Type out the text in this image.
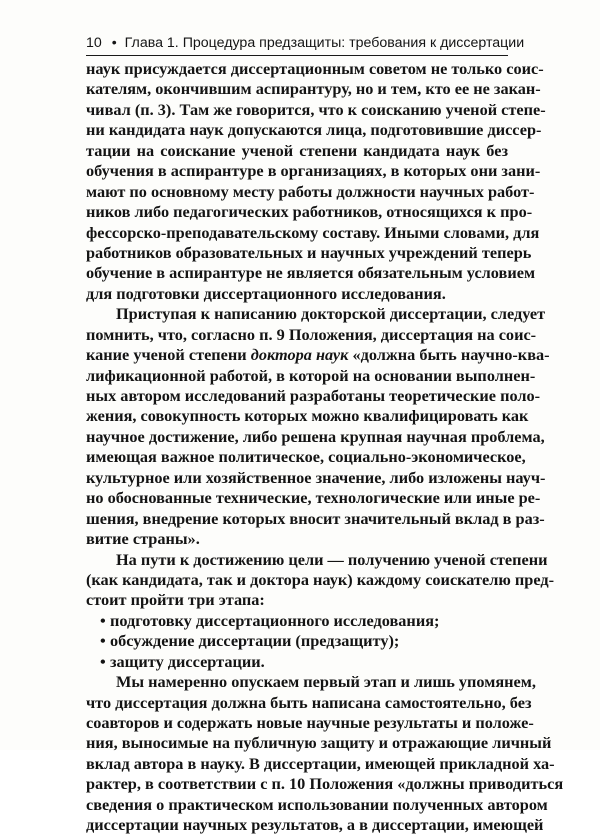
10 • Глава 1. Процедура предзащиты: требования к диссертации
наук присуждается диссертационным советом не только соис-
кателям, окончившим аспирантуру, но и тем, кто ее не закан-
чивал (п. 3). Там же говорится, что к соисканию ученой степе-
ни кандидата наук допускаются лица, подготовившие диссер-
тации на соискание ученой степени кандидата наук без
обучения в аспирантуре в организациях, в которых они зани-
мают по основному месту работы должности научных работ-
ников либо педагогических работников, относящихся к про-
фессорско-преподавательскому составу. Иными словами, для
работников образовательных и научных учреждений теперь
обучение в аспирантуре не является обязательным условием
для подготовки диссертационного исследования.
Приступая к написанию докторской диссертации, следует
помнить, что, согласно п. 9 Положения, диссертация на соис-
кание ученой степени доктора наук «должна быть научно-ква-
лификационной работой, в которой на основании выполнен-
ных автором исследований разработаны теоретические поло-
жения, совокупность которых можно квалифицировать как
научное достижение, либо решена крупная научная проблема,
имеющая важное политическое, социально-экономическое,
культурное или хозяйственное значение, либо изложены науч-
но обоснованные технические, технологические или иные ре-
шения, внедрение которых вносит значительный вклад в раз-
витие страны».
На пути к достижению цели — получению ученой степени
(как кандидата, так и доктора наук) каждому соискателю пред-
стоит пройти три этапа:
• подготовку диссертационного исследования;
• обсуждение диссертации (предзащиту);
• защиту диссертации.
Мы намеренно опускаем первый этап и лишь упомянем,
что диссертация должна быть написана самостоятельно, без
соавторов и содержать новые научные результаты и положе-
ния, выносимые на публичную защиту и отражающие личный
вклад автора в науку. В диссертации, имеющей прикладной ха-
рактер, в соответствии с п. 10 Положения «должны приводиться
сведения о практическом использовании полученных автором
диссертации научных результатов, а в диссертации, имеющей
